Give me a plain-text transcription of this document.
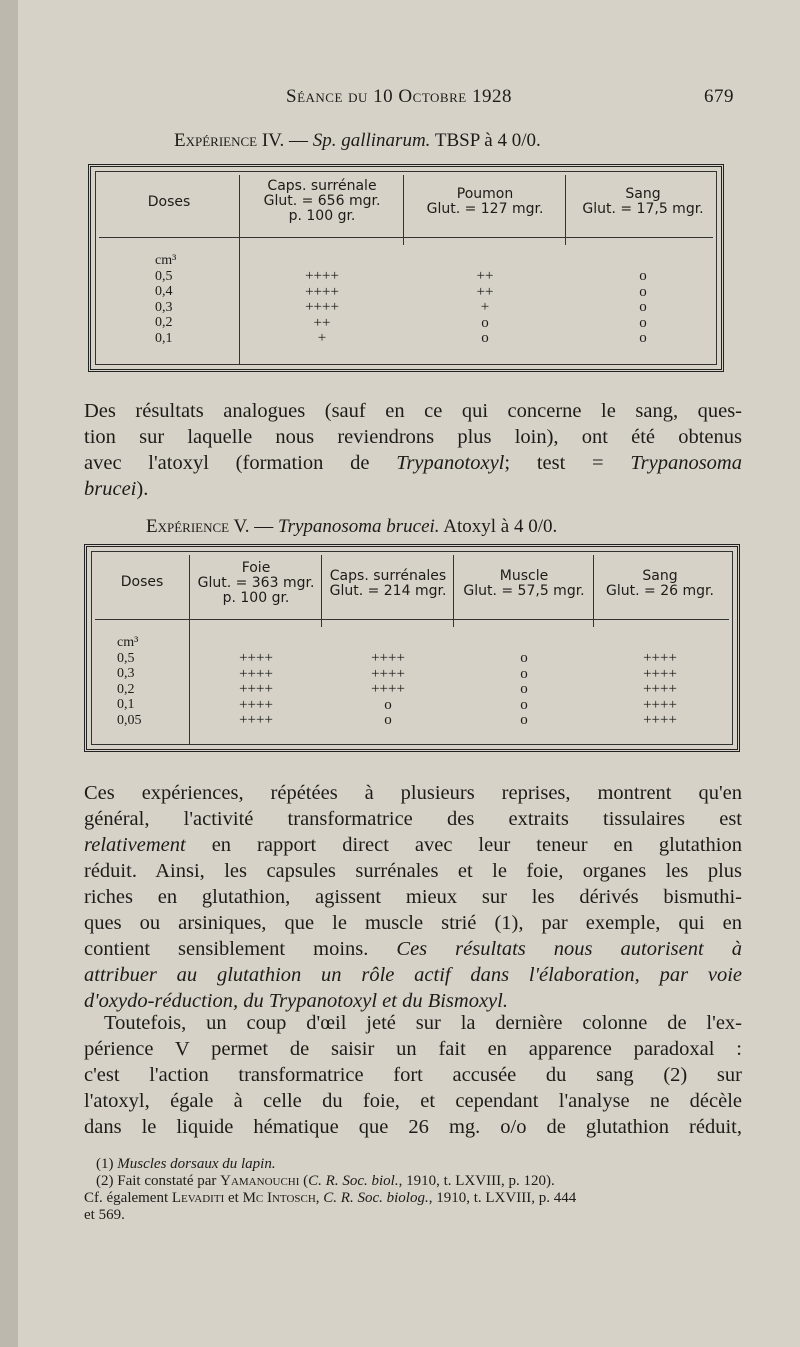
Séance du 10 Octobre 1928	679
Expérience IV. — Sp. gallinarum. TBSP à 4 0/0.
Doses
Caps. surrénale
Glut. = 656 mgr.
p. 100 gr.
Poumon
Glut. = 127 mgr.
Sang
Glut. = 17,5 mgr.
cm³
0,5
0,4
0,3
0,2
0,1
++++
++++
++++
++
+
++
++
+
o
o
o
o
o
o
o
Des résultats analogues (sauf en ce qui concerne le sang, ques-
tion sur laquelle nous reviendrons plus loin), ont été obtenus
avec l'atoxyl (formation de Trypanotoxyl; test = Trypanosoma
brucei).
Expérience V. — Trypanosoma brucei. Atoxyl à 4 0/0.
Doses
Foie
Glut. = 363 mgr.
p. 100 gr.
Caps. surrénales
Glut. = 214 mgr.
Muscle
Glut. = 57,5 mgr.
Sang
Glut. = 26 mgr.
cm³
0,5
0,3
0,2
0,1
0,05
++++
++++
++++
++++
++++
++++
++++
++++
o
o
o
o
o
o
o
++++
++++
++++
++++
++++
Ces expériences, répétées à plusieurs reprises, montrent qu'en
général, l'activité transformatrice des extraits tissulaires est
relativement en rapport direct avec leur teneur en glutathion
réduit. Ainsi, les capsules surrénales et le foie, organes les plus
riches en glutathion, agissent mieux sur les dérivés bismuthi-
ques ou arsiniques, que le muscle strié (1), par exemple, qui en
contient sensiblement moins. Ces résultats nous autorisent à
attribuer au glutathion un rôle actif dans l'élaboration, par voie
d'oxydo-réduction, du Trypanotoxyl et du Bismoxyl.
Toutefois, un coup d'œil jeté sur la dernière colonne de l'ex-
périence V permet de saisir un fait en apparence paradoxal :
c'est l'action transformatrice fort accusée du sang (2) sur
l'atoxyl, égale à celle du foie, et cependant l'analyse ne décèle
dans le liquide hématique que 26 mg. o/o de glutathion réduit,
(1) Muscles dorsaux du lapin.
(2) Fait constaté par Yamanouchi (C. R. Soc. biol., 1910, t. LXVIII, p. 120).
Cf. également Levaditi et Mc Intosch, C. R. Soc. biolog., 1910, t. LXVIII, p. 444
et 569.
